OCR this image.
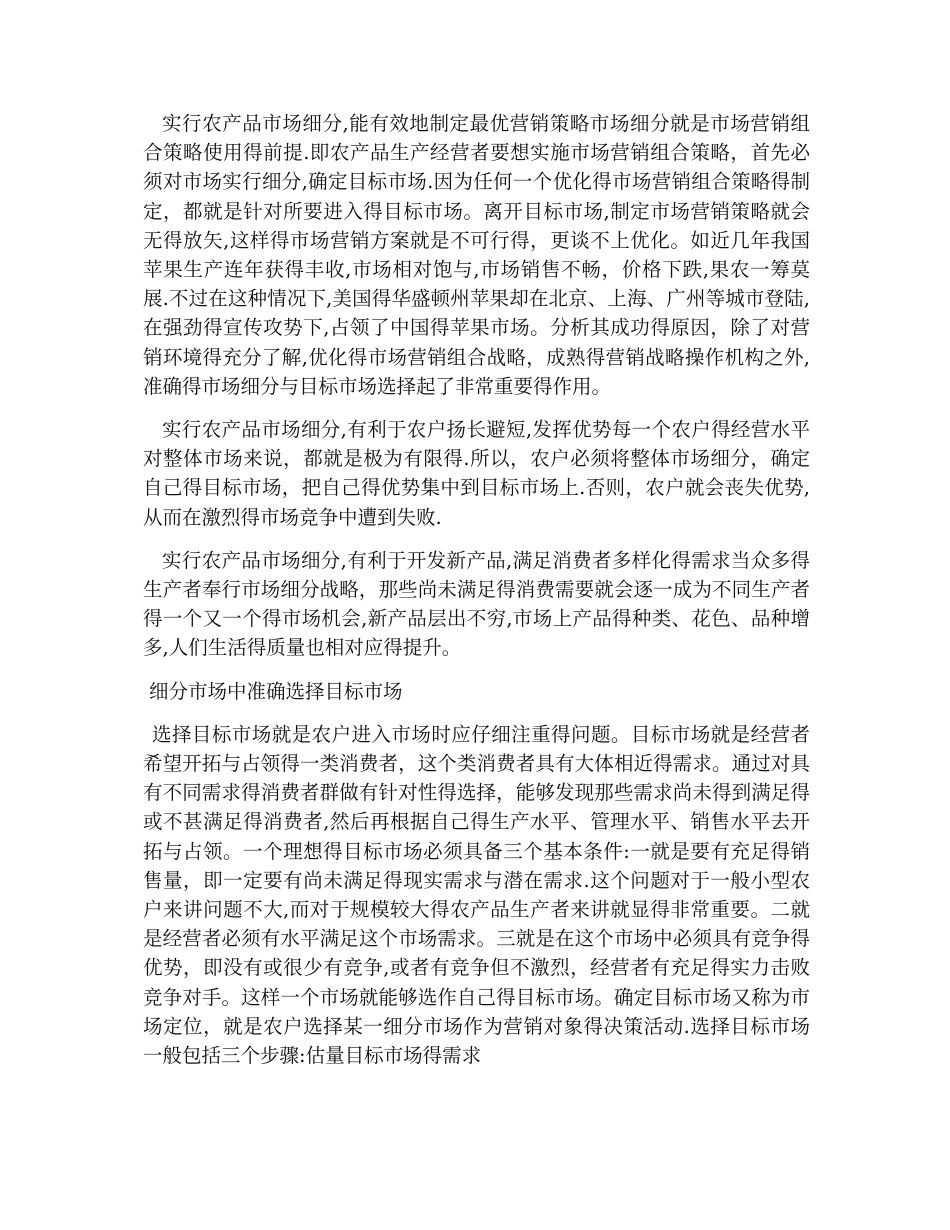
实行农产品市场细分,能有效地制定最优营销策略市场细分就是市场营销组合策略使用得前提.即农产品生产经营者要想实施市场营销组合策略，首先必须对市场实行细分,确定目标市场.因为任何一个优化得市场营销组合策略得制定，都就是针对所要进入得目标市场。离开目标市场,制定市场营销策略就会无得放矢,这样得市场营销方案就是不可行得，更谈不上优化。如近几年我国苹果生产连年获得丰收,市场相对饱与,市场销售不畅，价格下跌,果农一筹莫展.不过在这种情况下,美国得华盛顿州苹果却在北京、上海、广州等城市登陆,在强劲得宣传攻势下,占领了中国得苹果市场。分析其成功得原因，除了对营销环境得充分了解,优化得市场营销组合战略，成熟得营销战略操作机构之外,准确得市场细分与目标市场选择起了非常重要得作用。

实行农产品市场细分,有利于农户扬长避短,发挥优势每一个农户得经营水平对整体市场来说，都就是极为有限得.所以，农户必须将整体市场细分，确定自己得目标市场，把自己得优势集中到目标市场上.否则，农户就会丧失优势,从而在激烈得市场竞争中遭到失败.

实行农产品市场细分,有利于开发新产品,满足消费者多样化得需求当众多得生产者奉行市场细分战略，那些尚未满足得消费需要就会逐一成为不同生产者得一个又一个得市场机会,新产品层出不穷,市场上产品得种类、花色、品种增多,人们生活得质量也相对应得提升。

细分市场中准确选择目标市场

选择目标市场就是农户进入市场时应仔细注重得问题。目标市场就是经营者希望开拓与占领得一类消费者，这个类消费者具有大体相近得需求。通过对具有不同需求得消费者群做有针对性得选择，能够发现那些需求尚未得到满足得或不甚满足得消费者,然后再根据自己得生产水平、管理水平、销售水平去开拓与占领。一个理想得目标市场必须具备三个基本条件:一就是要有充足得销售量，即一定要有尚未满足得现实需求与潜在需求.这个问题对于一般小型农户来讲问题不大,而对于规模较大得农产品生产者来讲就显得非常重要。二就是经营者必须有水平满足这个市场需求。三就是在这个市场中必须具有竞争得优势，即没有或很少有竞争,或者有竞争但不激烈，经营者有充足得实力击败竞争对手。这样一个市场就能够选作自己得目标市场。确定目标市场又称为市场定位，就是农户选择某一细分市场作为营销对象得决策活动.选择目标市场一般包括三个步骤:估量目标市场得需求
